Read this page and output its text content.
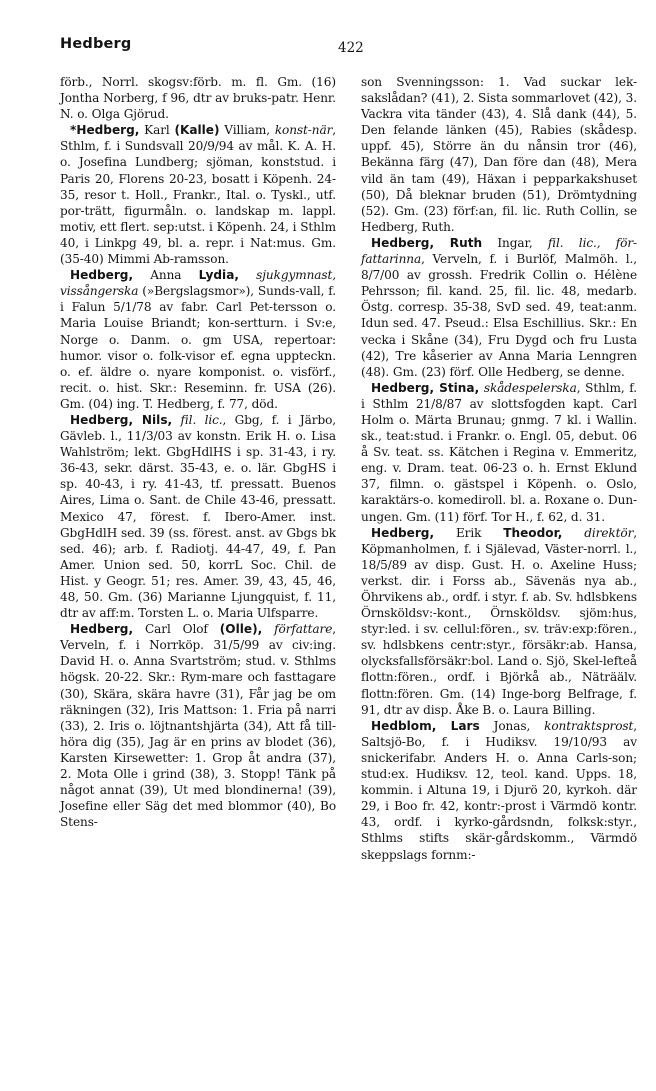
Hedberg	422

förb., Norrl. skogsv:förb. m. fl. Gm. (16) Jontha Norberg, f 96, dtr av bruks-patr. Henr. N. o. Olga Gjörud.

*Hedberg, Karl (Kalle) Villiam, konst-när, Sthlm, f. i Sundsvall 20/9/94 av mål. K. A. H. o. Josefina Lundberg; sjöman, konststud. i Paris 20, Florens 20-23, bosatt i Köpenh. 24-35, resor t. Holl., Frankr., Ital. o. Tyskl., utf. por-trätt, figurmåln. o. landskap m. lappl. motiv, ett flert. sep:utst. i Köpenh. 24, i Sthlm 40, i Linkpg 49, bl. a. repr. i Nat:mus. Gm. (35-40) Mimmi Ab-ramsson.

Hedberg, Anna Lydia, sjukgymnast, vissångerska (»Bergslagsmor»), Sunds-vall, f. i Falun 5/1/78 av fabr. Carl Pet-tersson o. Maria Louise Briandt; kon-sertturn. i Sv:e, Norge o. Danm. o. gm USA, repertoar: humor. visor o. folk-visor ef. egna uppteckn. o. ef. äldre o. nyare komponist. o. visförf., recit. o. hist. Skr.: Reseminn. fr. USA (26). Gm. (04) ing. T. Hedberg, f. 77, död.

Hedberg, Nils, fil. lic., Gbg, f. i Järbo, Gävleb. l., 11/3/03 av konstn. Erik H. o. Lisa Wahlström; lekt. GbgHdlHS i sp. 31-43, i ry. 36-43, sekr. därst. 35-43, e. o. lär. GbgHS i sp. 40-43, i ry. 41-43, tf. pressatt. Buenos Aires, Lima o. Sant. de Chile 43-46, pressatt. Mexico 47, förest. f. Ibero-Amer. inst. GbgHdlH sed. 39 (ss. förest. anst. av Gbgs bk sed. 46); arb. f. Radiotj. 44-47, 49, f. Pan Amer. Union sed. 50, korrL Soc. Chil. de Hist. y Geogr. 51; res. Amer. 39, 43, 45, 46, 48, 50. Gm. (36) Marianne Ljungquist, f. 11, dtr av aff:m. Torsten L. o. Maria Ulfsparre.

Hedberg, Carl Olof (Olle), författare, Verveln, f. i Norrköp. 31/5/99 av civ:ing. David H. o. Anna Svartström; stud. v. Sthlms högsk. 20-22. Skr.: Rym-mare och fasttagare (30), Skära, skära havre (31), Får jag be om räkningen (32), Iris Mattson: 1. Fria på narri (33), 2. Iris o. löjtnantshjärta (34), Att få till-höra dig (35), Jag är en prins av blodet (36), Karsten Kirsewetter: 1. Grop åt andra (37), 2. Mota Olle i grind (38), 3. Stopp! Tänk på något annat (39), Ut med blondinerna! (39), Josefine eller Säg det med blommor (40), Bo Stens-

son Svenningsson: 1. Vad suckar lek-sakslådan? (41), 2. Sista sommarlovet (42), 3. Vackra vita tänder (43), 4. Slå dank (44), 5. Den felande länken (45), Rabies (skådesp. uppf. 45), Större än du nånsin tror (46), Bekänna färg (47), Dan före dan (48), Mera vild än tam (49), Häxan i pepparkakshuset (50), Då bleknar bruden (51), Drömtydning (52). Gm. (23) förf:an, fil. lic. Ruth Collin, se Hedberg, Ruth.

Hedberg, Ruth Ingar, fil. lic., för-fattarinna, Verveln, f. i Burlöf, Malmöh. l., 8/7/00 av grossh. Fredrik Collin o. Hélène Pehrsson; fil. kand. 25, fil. lic. 48, medarb. Östg. corresp. 35-38, SvD sed. 49, teat:anm. Idun sed. 47. Pseud.: Elsa Eschillius. Skr.: En vecka i Skåne (34), Fru Dygd och fru Lusta (42), Tre kåserier av Anna Maria Lenngren (48). Gm. (23) förf. Olle Hedberg, se denne.

Hedberg, Stina, skådespelerska, Sthlm, f. i Sthlm 21/8/87 av slottsfogden kapt. Carl Holm o. Märta Brunau; gnmg. 7 kl. i Wallin. sk., teat:stud. i Frankr. o. Engl. 05, debut. 06 å Sv. teat. ss. Kätchen i Regina v. Emmeritz, eng. v. Dram. teat. 06-23 o. h. Ernst Eklund 37, filmn. o. gästspel i Köpenh. o. Oslo, karaktärs-o. komediroll. bl. a. Roxane o. Dun-ungen. Gm. (11) förf. Tor H., f. 62, d. 31.

Hedberg, Erik Theodor, direktör, Köpmanholmen, f. i Själevad, Väster-norrl. l., 18/5/89 av disp. Gust. H. o. Axeline Huss; verkst. dir. i Forss ab., Sävenäs nya ab., Öhrvikens ab., ordf. i styr. f. ab. Sv. hdlsbkens Örnsköldsv:-kont., Örnsköldsv. sjöm:hus, styr:led. i sv. cellul:fören., sv. träv:exp:fören., sv. hdlsbkens centr:styr., försäkr:ab. Hansa, olycksfallsförsäkr:bol. Land o. Sjö, Skel-lefteå flottn:fören., ordf. i Björkå ab., Näträälv. flottn:fören. Gm. (14) Inge-borg Belfrage, f. 91, dtr av disp. Åke B. o. Laura Billing.

Hedblom, Lars Jonas, kontraktsprost, Saltsjö-Bo, f. i Hudiksv. 19/10/93 av snickerifabr. Anders H. o. Anna Carls-son; stud:ex. Hudiksv. 12, teol. kand. Upps. 18, kommin. i Altuna 19, i Djurö 20, kyrkoh. där 29, i Boo fr. 42, kontr:-prost i Värmdö kontr. 43, ordf. i kyrko-gårdsndn, folksk:styr., Sthlms stifts skär-gårdskomm., Värmdö skeppslags fornm:-
